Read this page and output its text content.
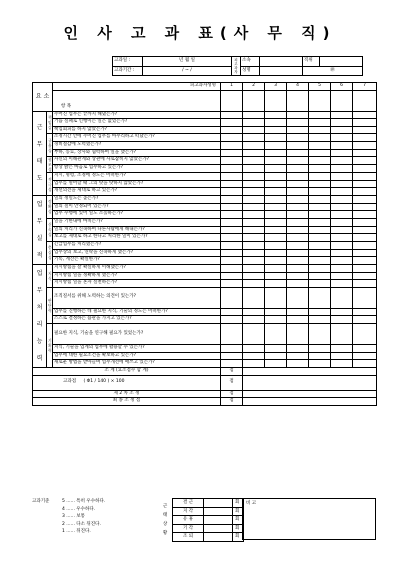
인 사 고 과 표(사 무 직)
고과일 :	년 월 일	피고과자	소속		직위	
고과기간 :	/ ~ /		성명		㊞	
요 소		피고과자성명	1	2	3	4	5	6	7
		항 목							
근 무 태 도	책임감	주어진 업무는 끝까지 해냈는가?							
		거듭 실패로 인행이는 일은 없었는가?							
		책임회피를 하지 않았는가?							
	규율성	소정시간 안에 주어진 업무를 마무리하고 떠났는가?							
		경비절감에 노력했는가?							
		부하, 동료, 상사와 협력하여 일을 했는가?							
	협조성	자신의 이해관계와 상관에 사로잡히지 않았는가?							
		항상 밝은 마음로 업무하고 있는가?							
	적극성	지시, 명령, 조정에 정도는 어떠한가?							
		업무를 열어할 때 그의 탓을 탓하지 않았는가?							
		개선의견을 제대로 하고 있는가?							
업 무 실 적	정확성	일의 정밀도는 높은가?							
		일의 질이 안정되어 있는가?							
		업무 수행에 있어 일도 소홀하는가?							
	신속성	일을 기한내에 마치는가?							
		일의 처리가 신속하여 다른사람에게 해내는가?							
		보고를 제대로 하고 한다고 처리한 일이 있는가?							
	충실성	긴급업무를 처리했는가?							
		업무상의 보고, 연락을 신속하게 했는가?							
		기록, 계산은 확실한가?							
업 무 처 리 능 력	지식	지시방침을 잘 확실하게 이해했는가?							
		지시방침 일을 정확하게 했는가?							
		지시방침 일을 혼자 실천하는가?							
	판단력	조직질서를 위해 노력하는 의견이 있는가?							
		업무를 진행하는 데 필요한 지식, 기술의 정도는 어떠한가?							
		스스로 결정하는 습관을 가지고 있는가?							
	기획력	필요한 지식, 기술을 연구해 필요가 있었는가?							
		지식, 기술을 업계의 업무에 활용할 수 있는가?							
		업무에 대한 필요조건을 확보하고 있는가?							
		새로운 방법을 받아들여 업무개선에 애쓰고 있는가?							
소 계 (요소점수 합 계)			점						
고과점 ( Φ1 / 140 ) × 100			점						
제 2 차 조 정			점						
최 종 조 정 점			점						
고과기준	5 ...... 특히 우수하다.
4 ...... 우수하다.
3 ...... 보통
2 ...... 다소 뒤진다.
1 ...... 뒤진다.
근 태 상 황
결 근		회
지 각		회
유 휴		회
기 각		회
조 퇴		회
비 고
